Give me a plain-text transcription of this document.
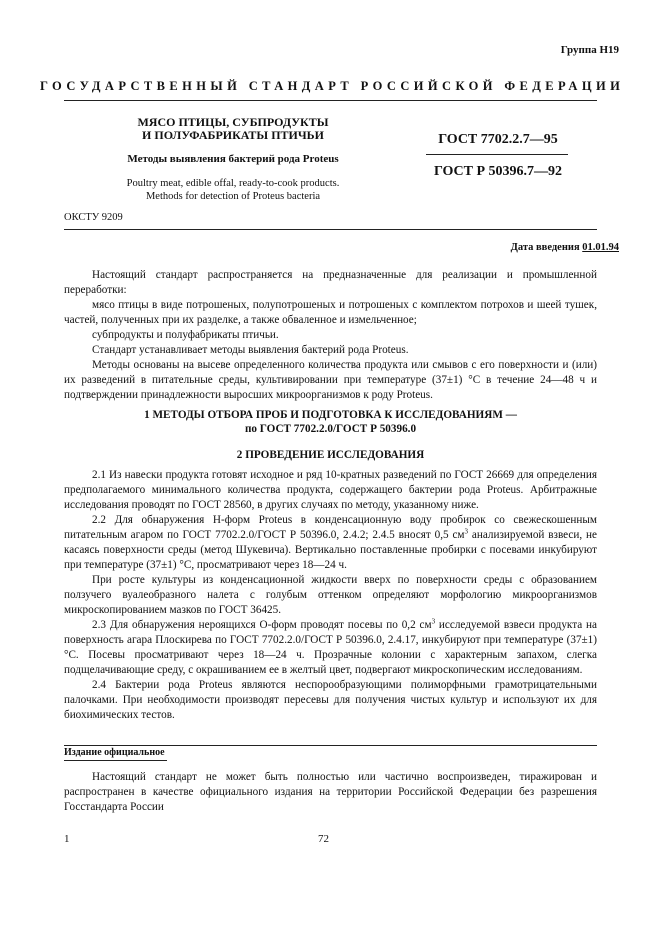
Группа Н19
ГОСУДАРСТВЕННЫЙ СТАНДАРТ РОССИЙСКОЙ ФЕДЕРАЦИИ
МЯСО ПТИЦЫ, СУБПРОДУКТЫ
И ПОЛУФАБРИКАТЫ ПТИЧЬИ
Методы выявления бактерий рода Proteus
Poultry meat, edible offal, ready-to-cook products.
Methods for detection of Proteus bacteria
ГОСТ 7702.2.7—95
ГОСТ Р 50396.7—92
ОКСТУ 9209
Дата введения 01.01.94

Настоящий стандарт распространяется на предназначенные для реализации и промышленной переработки:

мясо птицы в виде потрошеных, полупотрошеных и потрошеных с комплектом потрохов и шеей тушек, частей, полученных при их разделке, а также обваленное и измельченное;

субпродукты и полуфабрикаты птичьи.

Стандарт устанавливает методы выявления бактерий рода Proteus.

Методы основаны на высеве определенного количества продукта или смывов с его поверхности и (или) их разведений в питательные среды, культивировании при температуре (37±1) °С в течение 24—48 ч и подтверждении принадлежности выросших микроорганизмов к роду Proteus.

1 МЕТОДЫ ОТБОРА ПРОБ И ПОДГОТОВКА К ИССЛЕДОВАНИЯМ —
по ГОСТ 7702.2.0/ГОСТ Р 50396.0
2 ПРОВЕДЕНИЕ ИССЛЕДОВАНИЯ

2.1 Из навески продукта готовят исходное и ряд 10-кратных разведений по ГОСТ 26669 для определения предполагаемого минимального количества продукта, содержащего бактерии рода Proteus. Арбитражные исследования проводят по ГОСТ 28560, в других случаях по методу, указанному ниже.

2.2 Для обнаружения Н-форм Proteus в конденсационную воду пробирок со свежескошенным питательным агаром по ГОСТ 7702.2.0/ГОСТ Р 50396.0, 2.4.2; 2.4.5 вносят 0,5 $см^3$ анализируемой взвеси, не касаясь поверхности среды (метод Шукевича). Вертикально поставленные пробирки с посевами инкубируют при температуре (37±1) °С, просматривают через 18—24 ч.

При росте культуры из конденсационной жидкости вверх по поверхности среды с образованием ползучего вуалеобразного налета с голубым оттенком определяют морфологию микроорганизмов микроскопированием мазков по ГОСТ 36425.

2.3 Для обнаружения нероящихся О-форм проводят посевы по 0,2 $см^3$ исследуемой взвеси продукта на поверхность агара Плоскирева по ГОСТ 7702.2.0/ГОСТ Р 50396.0, 2.4.17, инкубируют при температуре (37±1) °С. Посевы просматривают через 18—24 ч. Прозрачные колонии с характерным запахом, слегка подщелачивающие среду, с окрашиванием ее в желтый цвет, подвергают микроскопическим исследованиям.

2.4 Бактерии рода Proteus являются неспорообразующими полиморфными грамотрицательными палочками. При необходимости производят пересевы для получения чистых культур и используют их для биохимических тестов.

Издание официальное

Настоящий стандарт не может быть полностью или частично воспроизведен, тиражирован и распространен в качестве официального издания на территории Российской Федерации без разрешения Госстандарта России

1	72
